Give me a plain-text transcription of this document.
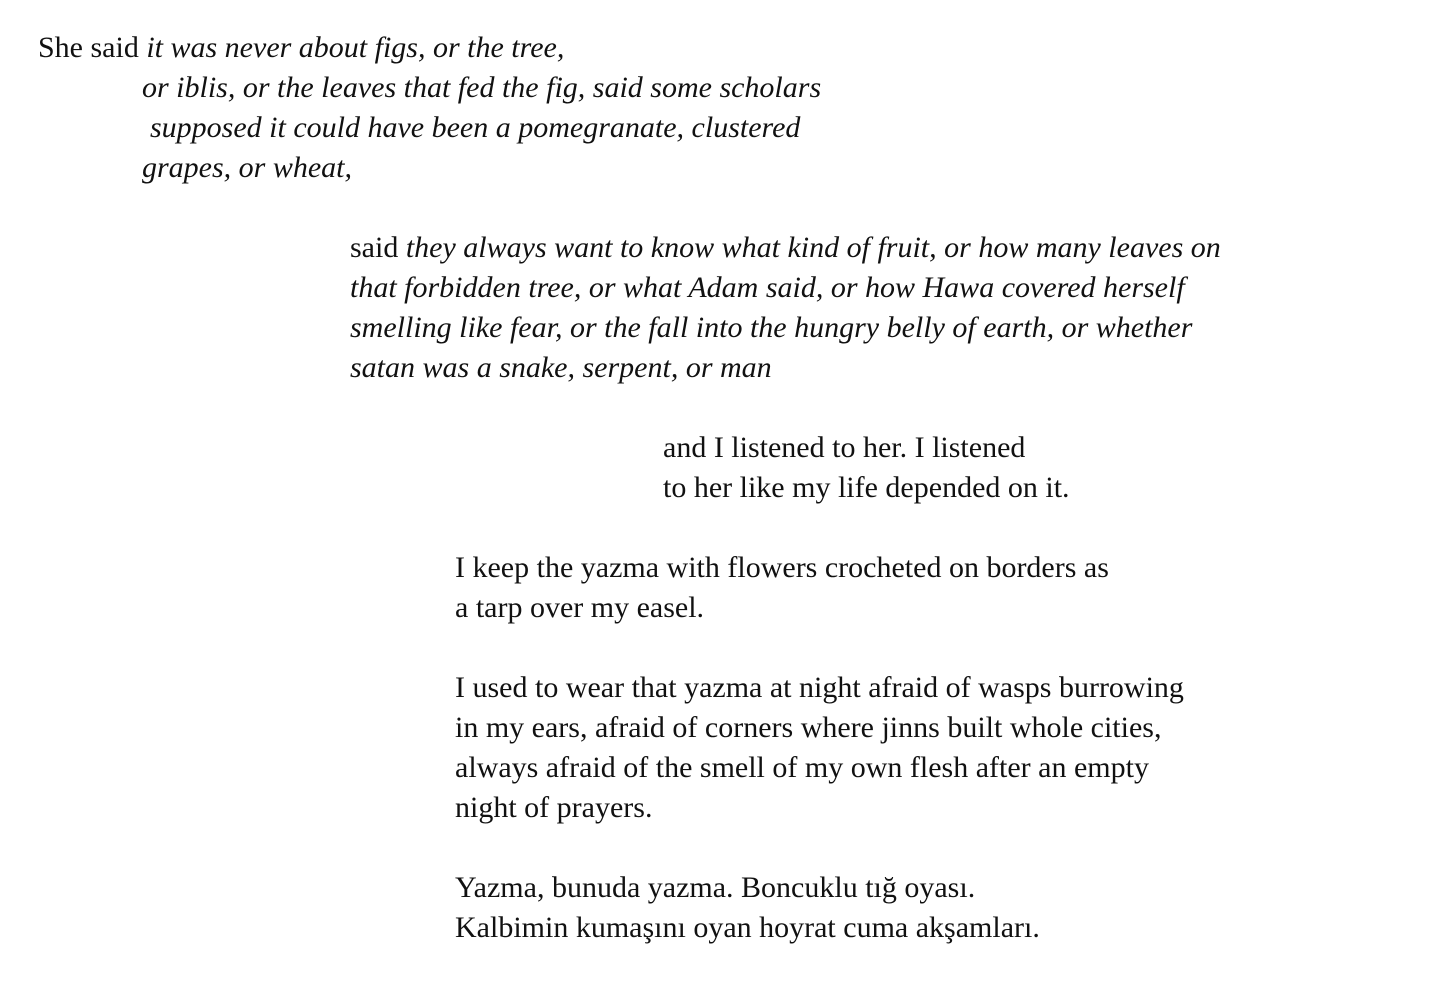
She said it was never about figs, or the tree,
or iblis, or the leaves that fed the fig, said some scholars
supposed it could have been a pomegranate, clustered
grapes, or wheat,
said they always want to know what kind of fruit, or how many leaves on
that forbidden tree, or what Adam said, or how Hawa covered herself
smelling like fear, or the fall into the hungry belly of earth, or whether
satan was a snake, serpent, or man
and I listened to her. I listened
to her like my life depended on it.
I keep the yazma with flowers crocheted on borders as
a tarp over my easel.
I used to wear that yazma at night afraid of wasps burrowing
in my ears, afraid of corners where jinns built whole cities,
always afraid of the smell of my own flesh after an empty
night of prayers.
Yazma, bunuda yazma. Boncuklu tığ oyası.
Kalbimin kumaşını oyan hoyrat cuma akşamları.
